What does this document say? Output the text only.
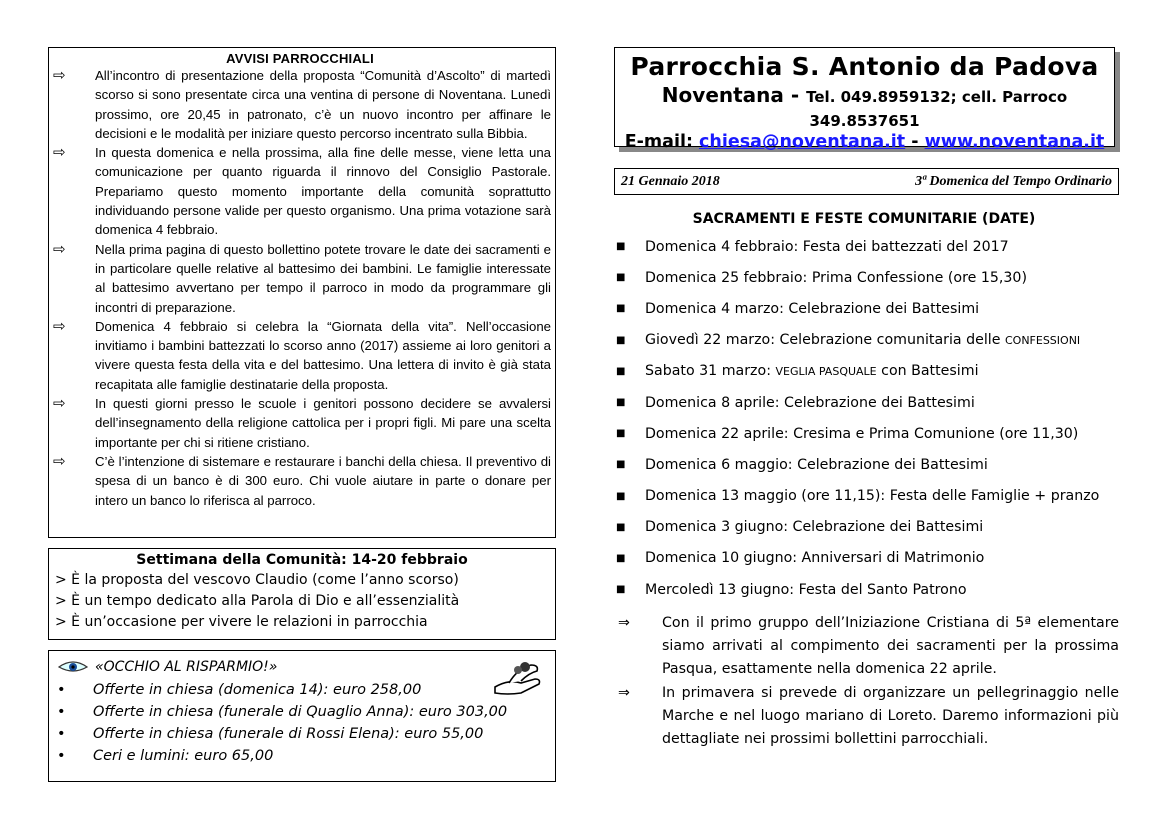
AVVISI PARROCCHIALI
⇨	All’incontro di presentazione della proposta “Comunità d’Ascolto” di martedì scorso si sono presentate circa una ventina di persone di Noventana. Lunedì prossimo, ore 20,45 in patronato, c’è un nuovo incontro per affinare le decisioni e le modalità per iniziare questo percorso incentrato sulla Bibbia.
⇨	In questa domenica e nella prossima, alla fine delle messe, viene letta una comunicazione per quanto riguarda il rinnovo del Consiglio Pastorale. Prepariamo questo momento importante della comunità soprattutto individuando persone valide per questo organismo. Una prima votazione sarà domenica 4 febbraio.
⇨	Nella prima pagina di questo bollettino potete trovare le date dei sacramenti e in particolare quelle relative al battesimo dei bambini. Le famiglie interessate al battesimo avvertano per tempo il parroco in modo da programmare gli incontri di preparazione.
⇨	Domenica 4 febbraio si celebra la “Giornata della vita”. Nell’occasione invitiamo i bambini battezzati lo scorso anno (2017) assieme ai loro genitori a vivere questa festa della vita e del battesimo. Una lettera di invito è già stata recapitata alle famiglie destinatarie della proposta.
⇨	In questi giorni presso le scuole i genitori possono decidere se avvalersi dell’insegnamento della religione cattolica per i propri figli. Mi pare una scelta importante per chi si ritiene cristiano.
⇨	C’è l’intenzione di sistemare e restaurare i banchi della chiesa. Il preventivo di spesa di un banco è di 300 euro. Chi vuole aiutare in parte o donare per intero un banco lo riferisca al parroco.
Settimana della Comunità: 14-20 febbraio
> È la proposta del vescovo Claudio (come l’anno scorso)
> È un tempo dedicato alla Parola di Dio e all’essenzialità
> È un’occasione per vivere le relazioni in parrocchia
«OCCHIO AL RISPARMIO!»
•	Offerte in chiesa (domenica 14): euro 258,00
•	Offerte in chiesa (funerale di Quaglio Anna): euro 303,00
•	Offerte in chiesa (funerale di Rossi Elena): euro 55,00
•	Ceri e lumini: euro 65,00
Parrocchia S. Antonio da Padova
Noventana - Tel. 049.8959132; cell. Parroco 349.8537651
E-mail: chiesa@noventana.it - www.noventana.it
21 Gennaio 2018	3ª Domenica del Tempo Ordinario
SACRAMENTI E FESTE COMUNITARIE (DATE)
■	Domenica 4 febbraio: Festa dei battezzati del 2017
■	Domenica 25 febbraio: Prima Confessione (ore 15,30)
■	Domenica 4 marzo: Celebrazione dei Battesimi
■	Giovedì 22 marzo: Celebrazione comunitaria delle CONFESSIONI
■	Sabato 31 marzo: VEGLIA PASQUALE con Battesimi
■	Domenica 8 aprile: Celebrazione dei Battesimi
■	Domenica 22 aprile: Cresima e Prima Comunione (ore 11,30)
■	Domenica 6 maggio: Celebrazione dei Battesimi
■	Domenica 13 maggio (ore 11,15): Festa delle Famiglie + pranzo
■	Domenica 3 giugno: Celebrazione dei Battesimi
■	Domenica 10 giugno: Anniversari di Matrimonio
■	Mercoledì 13 giugno: Festa del Santo Patrono
⇒	Con il primo gruppo dell’Iniziazione Cristiana di 5ª elementare siamo arrivati al compimento dei sacramenti per la prossima Pasqua, esattamente nella domenica 22 aprile.
⇒	In primavera si prevede di organizzare un pellegrinaggio nelle Marche e nel luogo mariano di Loreto. Daremo informazioni più dettagliate nei prossimi bollettini parrocchiali.
